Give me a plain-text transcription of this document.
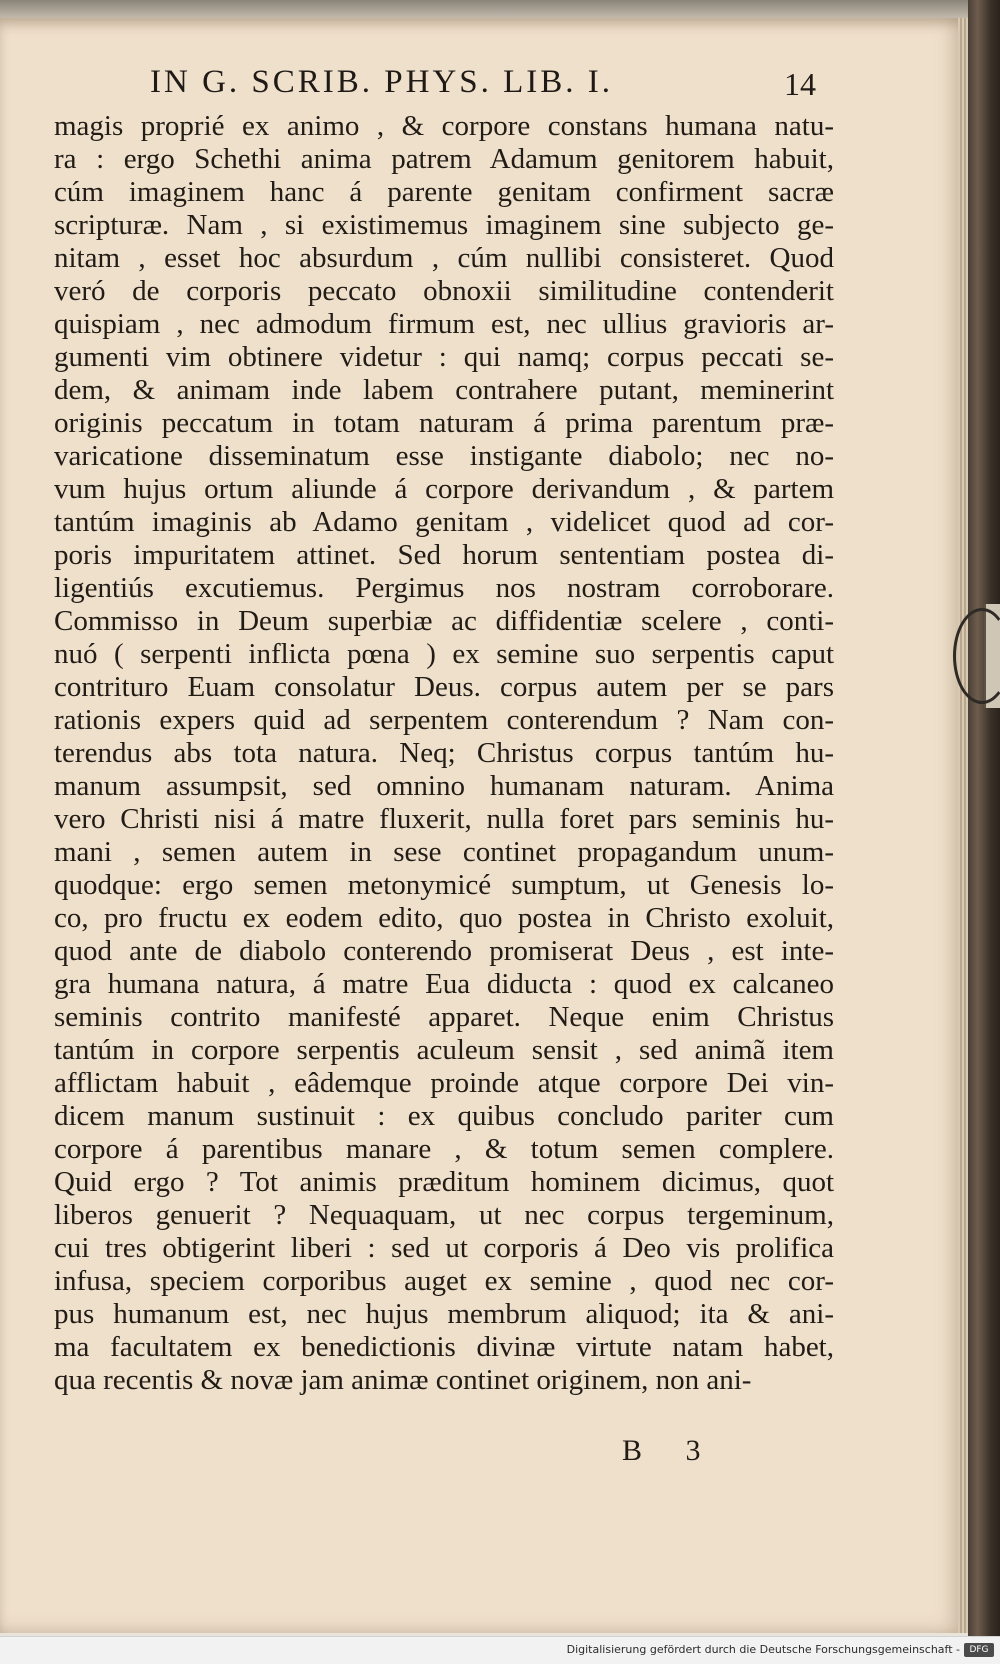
IN G. SCRIB. PHYS. LIB. I.	14
magis proprié ex animo , & corpore constans humana natu-
ra : ergo Schethi anima patrem Adamum genitorem habuit,
cúm imaginem hanc á parente genitam confirment sacræ
scripturæ. Nam , si existimemus imaginem sine subjecto ge-
nitam , esset hoc absurdum , cúm nullibi consisteret. Quod
veró de corporis peccato obnoxii similitudine contenderit
quispiam , nec admodum firmum est, nec ullius gravioris ar-
gumenti vim obtinere videtur : qui namq; corpus peccati se-
dem, & animam inde labem contrahere putant, meminerint
originis peccatum in totam naturam á prima parentum præ-
varicatione disseminatum esse instigante diabolo; nec no-
vum hujus ortum aliunde á corpore derivandum , & partem
tantúm imaginis ab Adamo genitam , videlicet quod ad cor-
poris impuritatem attinet. Sed horum sententiam postea di-
ligentiús excutiemus. Pergimus nos nostram corroborare.
Commisso in Deum superbiæ ac diffidentiæ scelere , conti-
nuó ( serpenti inflicta pœna ) ex semine suo serpentis caput
contrituro Euam consolatur Deus. corpus autem per se pars
rationis expers quid ad serpentem conterendum ? Nam con-
terendus abs tota natura. Neq; Christus corpus tantúm hu-
manum assumpsit, sed omnino humanam naturam. Anima
vero Christi nisi á matre fluxerit, nulla foret pars seminis hu-
mani , semen autem in sese continet propagandum unum-
quodque: ergo semen metonymicé sumptum, ut Genesis lo-
co, pro fructu ex eodem edito, quo postea in Christo exoluit,
quod ante de diabolo conterendo promiserat Deus , est inte-
gra humana natura, á matre Eua diducta : quod ex calcaneo
seminis contrito manifesté apparet. Neque enim Christus
tantúm in corpore serpentis aculeum sensit , sed animã item
afflictam habuit , eâdemque proinde atque corpore Dei vin-
dicem manum sustinuit : ex quibus concludo pariter cum
corpore á parentibus manare , & totum semen complere.
Quid ergo ? Tot animis præditum hominem dicimus, quot
liberos genuerit ? Nequaquam, ut nec corpus tergeminum,
cui tres obtigerint liberi : sed ut corporis á Deo vis prolifica
infusa, speciem corporibus auget ex semine , quod nec cor-
pus humanum est, nec hujus membrum aliquod; ita & ani-
ma facultatem ex benedictionis divinæ virtute natam habet,
qua recentis & novæ jam animæ continet originem, non ani-
B 3
Digitalisierung gefördert durch die Deutsche Forschungsgemeinschaft -	DFG
